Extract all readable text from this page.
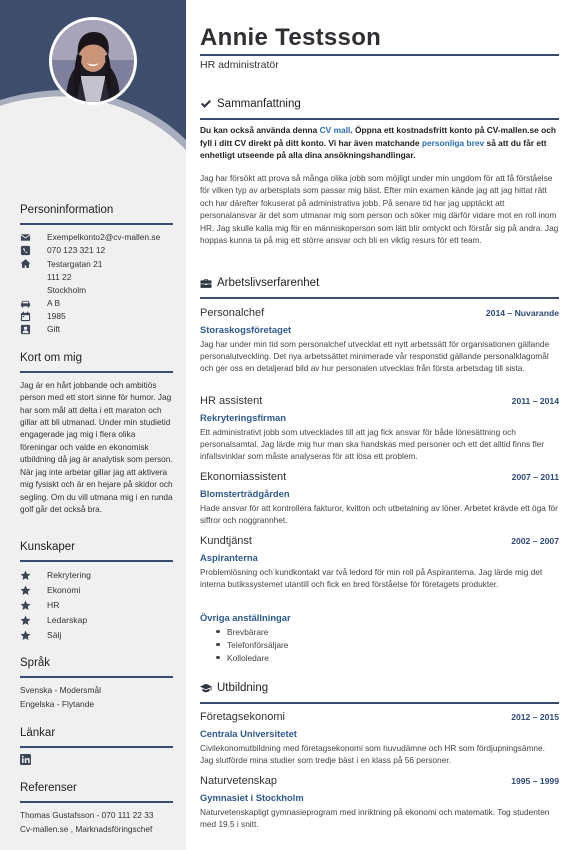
Personinformation
Exempelkonto2@cv-mallen.se
070 123 321 12
Testargatan 21
111 22
Stockholm
A B
1985
Gift
Kort om mig
Jag är en hårt jobbande och ambitiös person med ett stort sinne för humor. Jag har som mål att delta i ett maraton och gillar att bli utmanad. Under min studietid engagerade jag mig i flera olika föreningar och valde en ekonomisk utbildning då jag är analytisk som person. När jag inte arbetar gillar jag att aktivera mig fysiskt och är en hejare på skidor och segling. Om du vill utmana mig i en runda golf går det också bra.
Kunskaper
Rekrytering
Ekonomi
HR
Ledarskap
Sälj
Språk
Svenska - Modersmål
Engelska - Flytande
Länkar
Referenser
Thomas Gustafsson - 070 111 22 33
Cv-mallen.se , Marknadsföringschef
Annie Testsson
HR administratör
Sammanfattning
Du kan också använda denna CV mall. Öppna ett kostnadsfritt konto på CV-mallen.se och fyll i ditt CV direkt på ditt konto. Vi har även matchande personliga brev så att du får ett enhetligt utseende på alla dina ansökningshandlingar.
Jag har försökt att prova så många olika jobb som möjligt under min ungdom för att få förståelse för vilken typ av arbetsplats som passar mig bäst. Efter min examen kände jag att jag hittat rätt och har därefter fokuserat på administrativa jobb. På senare tid har jag upptäckt att personalansvar är det som utmanar mig som person och söker mig därför vidare mot en roll inom HR. Jag skulle kalla mig för en människoperson som lätt blir omtyckt och förstår sig på andra. Jag hoppas kunna ta på mig ett större ansvar och bli en viktig resurs för ett team.
Arbetslivserfarenhet
Personalchef	2014 – Nuvarande
Storaskogsföretaget
Jag har under min tid som personalchef utvecklat ett nytt arbetssätt för organisationen gällande personalutveckling. Det nya arbetssättet minimerade vår responstid gällande personalklagomål och ger oss en detaljerad bild av hur personalen utvecklas från första arbetsdag till sista.
HR assistent	2011 – 2014
Rekryteringsfirman
Ett administrativt jobb som utvecklades till att jag fick ansvar för både lönesättning och personalsamtal. Jag lärde mig hur man ska handskas med personer och ett det alltid finns fler infallsvinklar som måste analyseras för att lösa ett problem.
Ekonomiassistent	2007 – 2011
Blomsterträdgården
Hade ansvar för att kontrollera fakturor, kvitton och utbetalning av löner. Arbetet krävde ett öga för siffror och noggrannhet.
Kundtjänst	2002 – 2007
Aspiranterna
Problemlösning och kundkontakt var två ledord för min roll på Aspiranterna. Jag lärde mig det interna butikssystemet utantill och fick en bred förståelse för företagets produkter.
Övriga anställningar
Brevbärare
Telefonförsäljare
Kolloledare
Utbildning
Företagsekonomi	2012 – 2015
Centrala Universitetet
Civilekonomutbildning med företagsekonomi som huvudämne och HR som fördjupningsämne. Jag slutförde mina studier som tredje bäst i en klass på 56 personer.
Naturvetenskap	1995 – 1999
Gymnasiet i Stockholm
Naturvetenskapligt gymnasieprogram med inriktning på ekonomi och matematik. Tog studenten med 19.5 i snitt.
